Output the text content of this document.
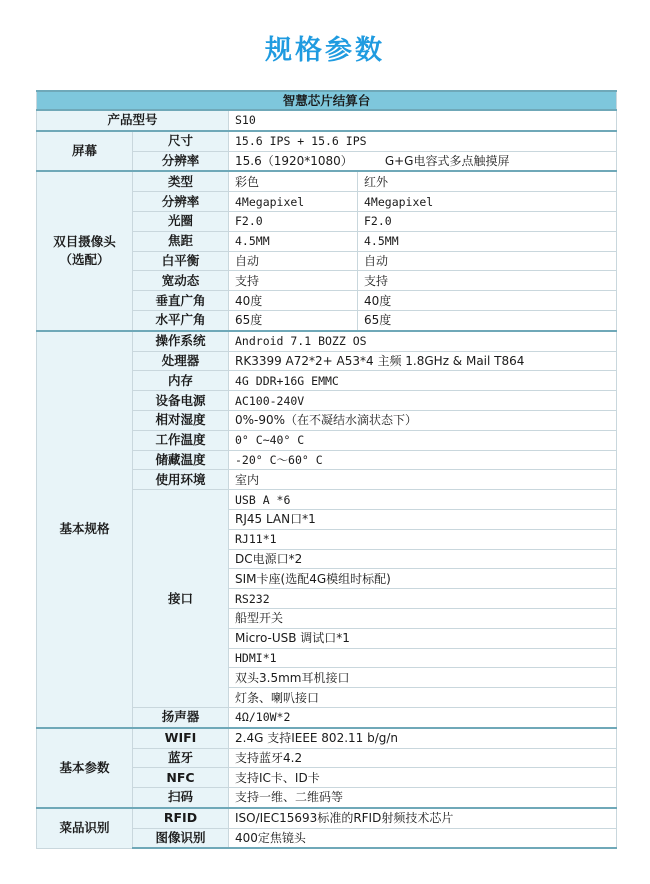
规格参数
智慧芯片结算台			
产品型号		S10	
屏幕	尺寸	15.6 IPS + 15.6 IPS	
	分辨率	15.6（1920*1080） G+G电容式多点触摸屏	
双目摄像头
（选配）	类型	彩色	红外
	分辨率	4Megapixel	4Megapixel
	光圈	F2.0	F2.0
	焦距	4.5MM	4.5MM
	白平衡	自动	自动
	宽动态	支持	支持
	垂直广角	40度	40度
	水平广角	65度	65度
基本规格	操作系统	Android 7.1 BOZZ OS	
	处理器	RK3399 A72*2+ A53*4 主频 1.8GHz & Mail T864	
	内存	4G DDR+16G EMMC	
	设备电源	AC100-240V	
	相对湿度	0%-90%（在不凝结水滴状态下）	
	工作温度	0° C~40° C	
	储藏温度	-20° C～60° C	
	使用环境	室内	
	接口	USB A *6	
		RJ45 LAN口*1	
		RJ11*1	
		DC电源口*2	
		SIM卡座(选配4G模组时标配)	
		RS232	
		船型开关	
		Micro-USB 调试口*1	
		HDMI*1	
		双头3.5mm耳机接口	
		灯条、喇叭接口	
	扬声器	4Ω/10W*2	
基本参数	WIFI	2.4G 支持IEEE 802.11 b/g/n	
	蓝牙	支持蓝牙4.2	
	NFC	支持IC卡、ID卡	
	扫码	支持一维、二维码等	
菜品识别	RFID	ISO/IEC15693标准的RFID射频技术芯片	
	图像识别	400定焦镜头	
